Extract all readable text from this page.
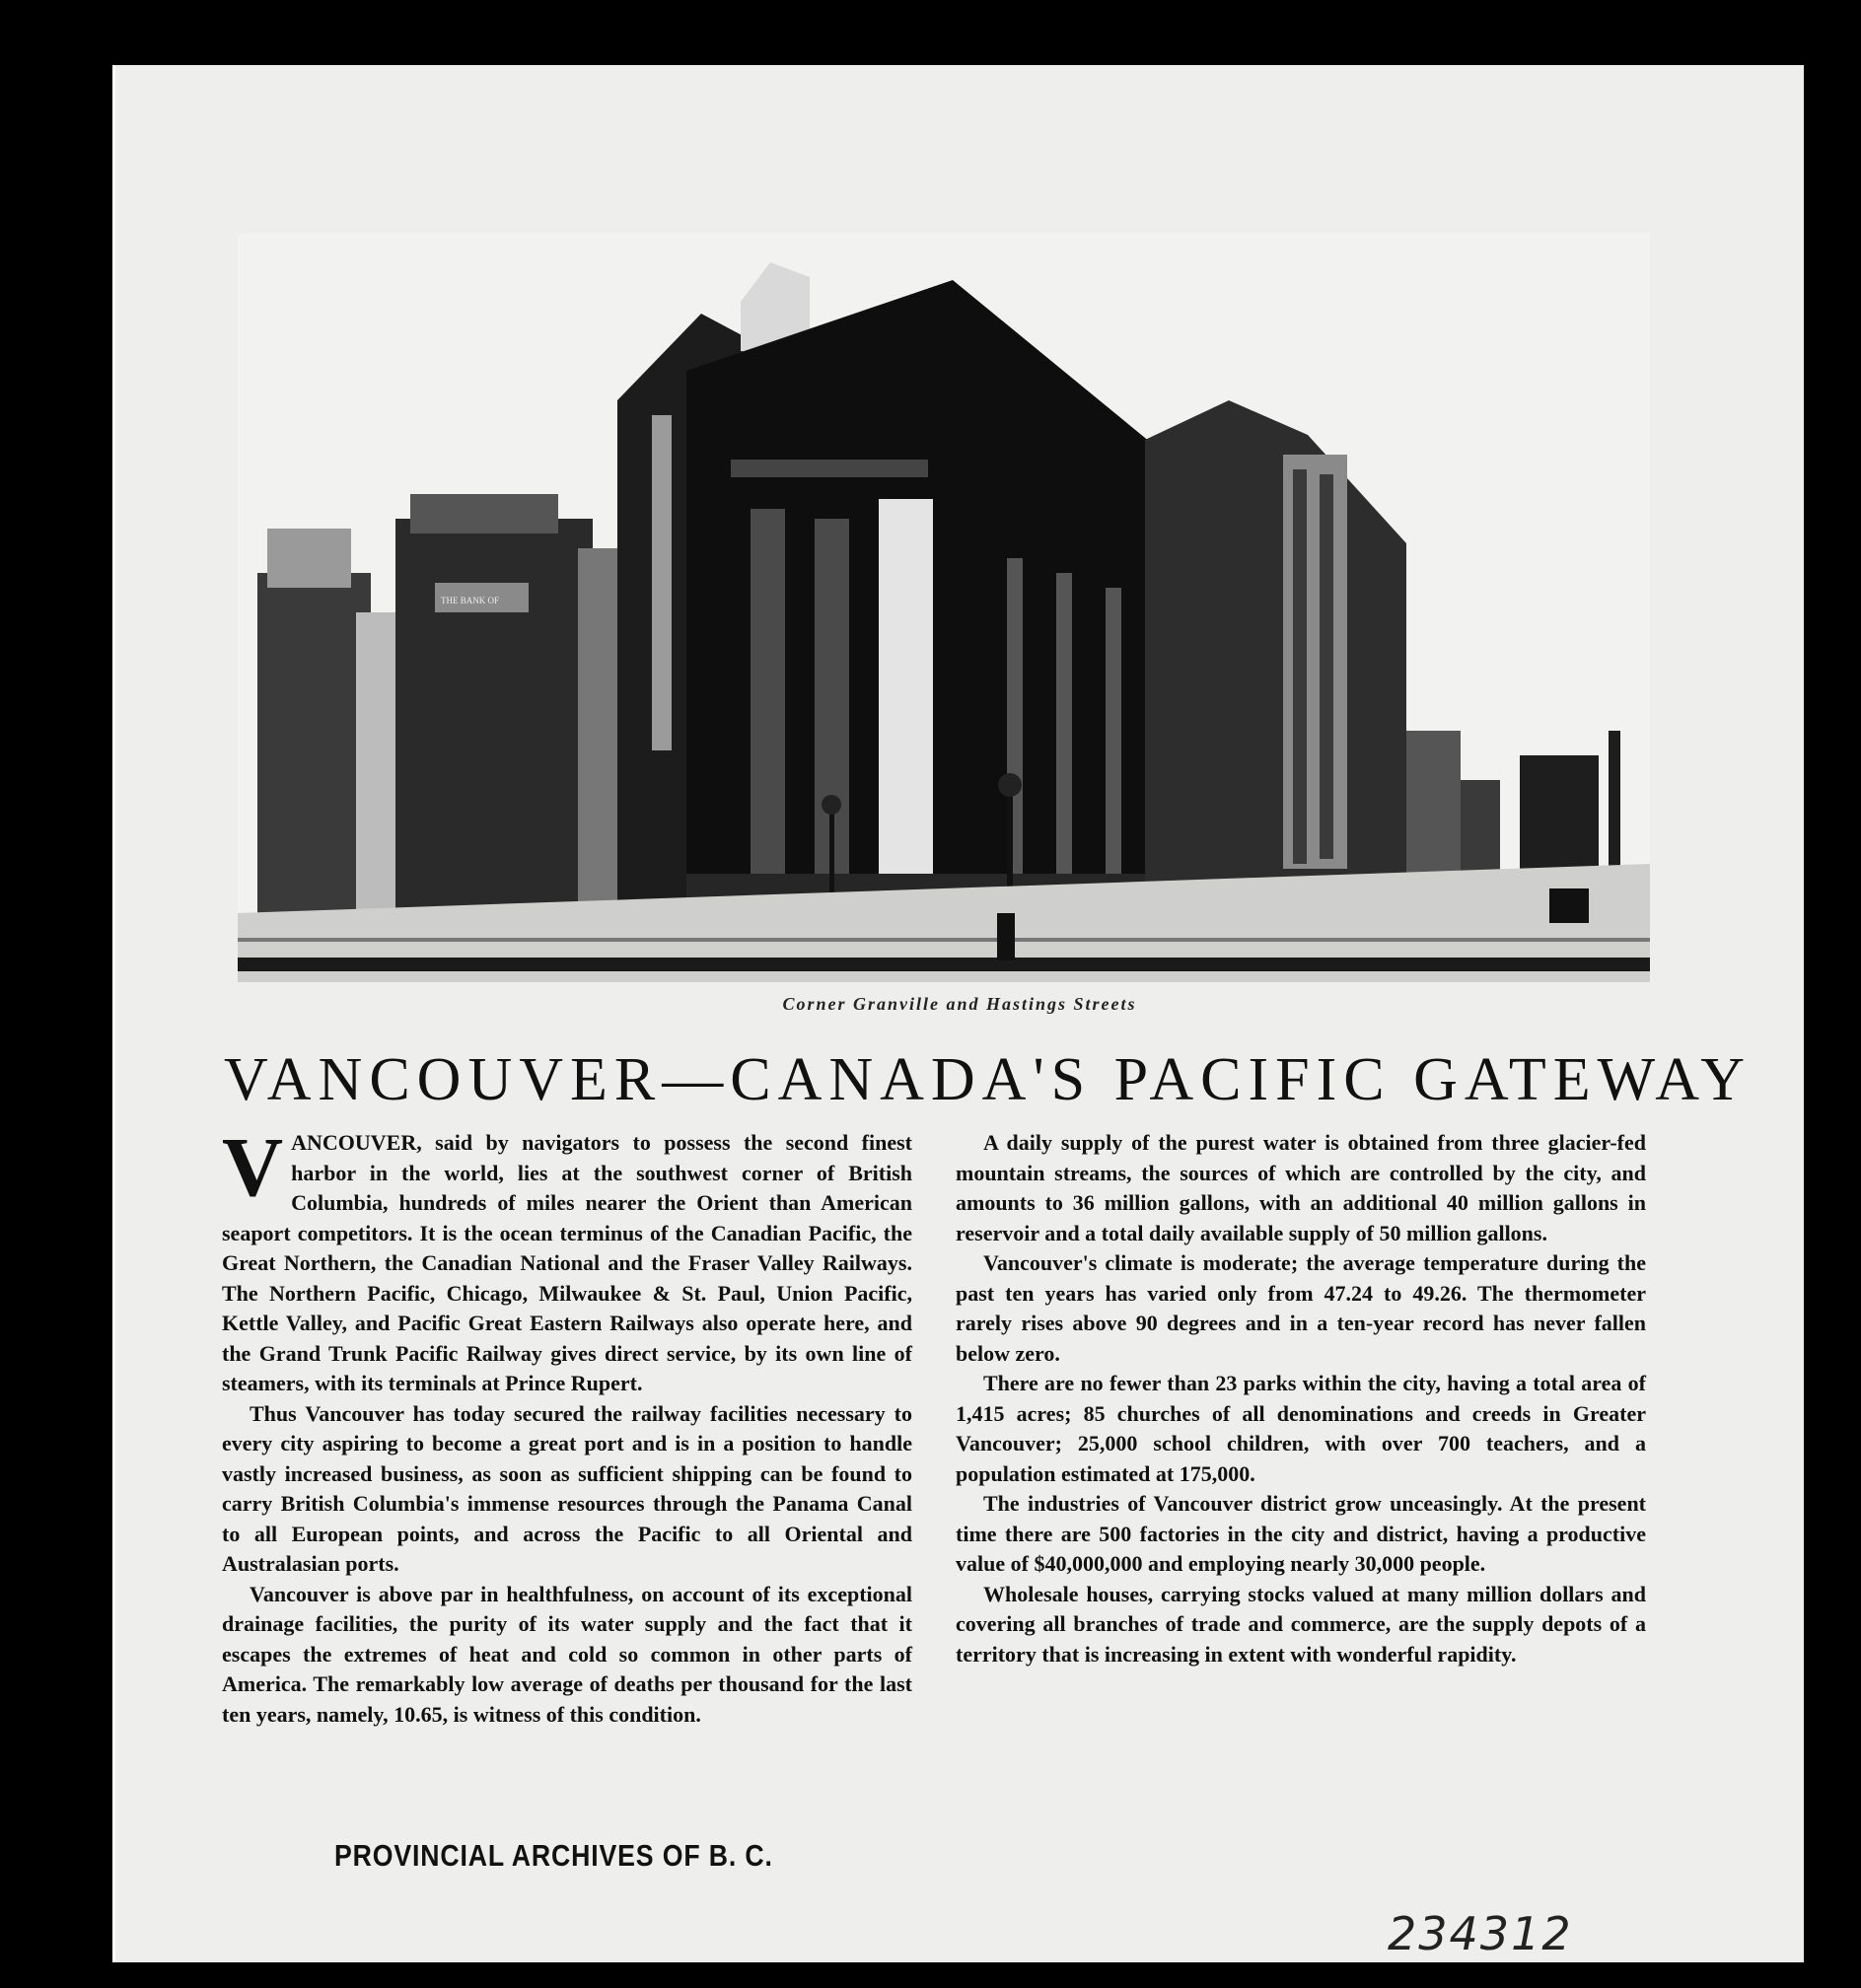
THE BANK OF
Corner Granville and Hastings Streets
VANCOUVER—CANADA'S PACIFIC GATEWAY

VANCOUVER, said by navigators to possess the second finest harbor in the world, lies at the southwest corner of British Columbia, hundreds of miles nearer the Orient than American seaport competitors. It is the ocean terminus of the Canadian Pacific, the Great Northern, the Canadian National and the Fraser Valley Railways. The Northern Pacific, Chicago, Milwaukee & St. Paul, Union Pacific, Kettle Valley, and Pacific Great Eastern Railways also operate here, and the Grand Trunk Pacific Railway gives direct service, by its own line of steamers, with its terminals at Prince Rupert.

Thus Vancouver has today secured the railway facilities necessary to every city aspiring to become a great port and is in a position to handle vastly increased business, as soon as sufficient shipping can be found to carry British Columbia's immense resources through the Panama Canal to all European points, and across the Pacific to all Oriental and Australasian ports.

Vancouver is above par in healthfulness, on account of its exceptional drainage facilities, the purity of its water supply and the fact that it escapes the extremes of heat and cold so common in other parts of America. The remarkably low average of deaths per thousand for the last ten years, namely, 10.65, is witness of this condition.

A daily supply of the purest water is obtained from three glacier-fed mountain streams, the sources of which are controlled by the city, and amounts to 36 million gallons, with an additional 40 million gallons in reservoir and a total daily available supply of 50 million gallons.

Vancouver's climate is moderate; the average temperature during the past ten years has varied only from 47.24 to 49.26. The thermometer rarely rises above 90 degrees and in a ten-year record has never fallen below zero.

There are no fewer than 23 parks within the city, having a total area of 1,415 acres; 85 churches of all denominations and creeds in Greater Vancouver; 25,000 school children, with over 700 teachers, and a population estimated at 175,000.

The industries of Vancouver district grow unceasingly. At the present time there are 500 factories in the city and district, having a productive value of $40,000,000 and employing nearly 30,000 people.

Wholesale houses, carrying stocks valued at many million dollars and covering all branches of trade and commerce, are the supply depots of a territory that is increasing in extent with wonderful rapidity.

PROVINCIAL ARCHIVES OF B. C.
234312
